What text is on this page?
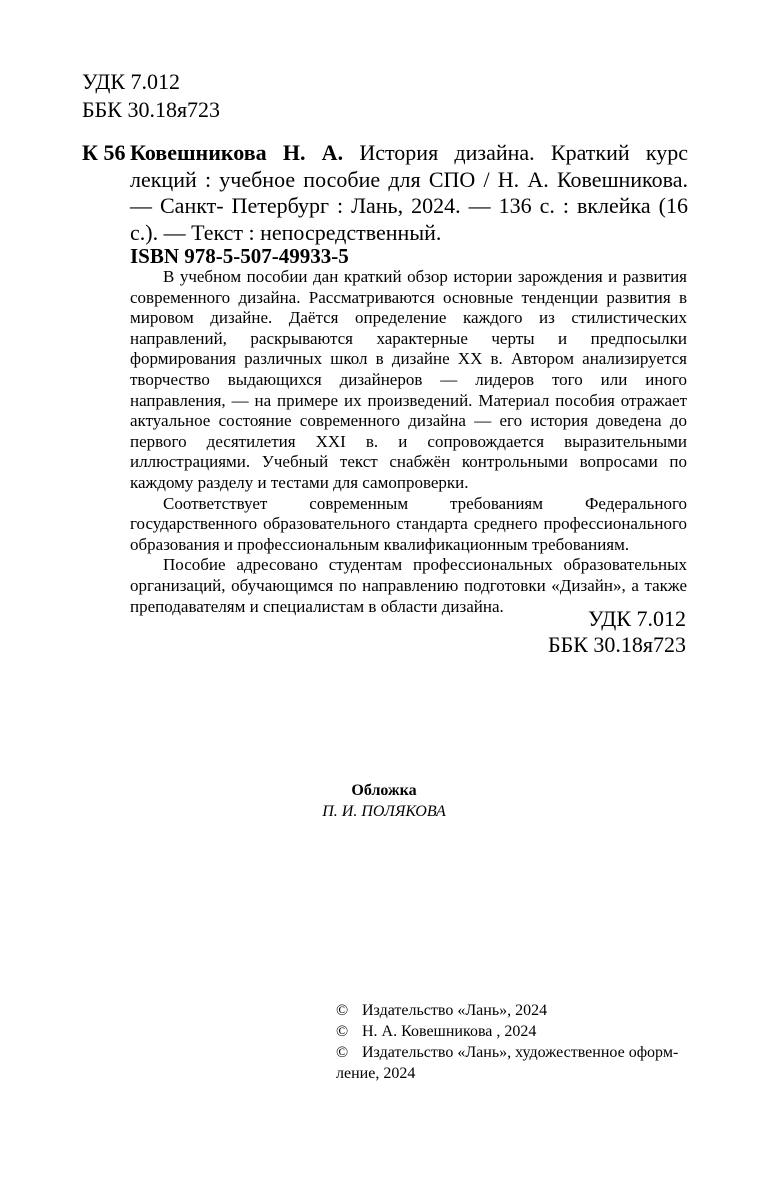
УДК 7.012
ББК 30.18я723
К 56 Ковешникова Н. А. История дизайна. Краткий курс лекций : учебное пособие для СПО / Н. А. Ковешникова. — Санкт- Петербург : Лань, 2024. — 136 с. : вклейка (16 с.). — Текст : непосредственный.
ISBN 978-5-507-49933-5

В учебном пособии дан краткий обзор истории зарождения и развития современного дизайна. Рассматриваются основные тенденции развития в мировом дизайне. Даётся определение каждого из стилистических направлений, раскрываются характерные черты и предпосылки формирования различных школ в дизайне XX в. Автором анализируется творчество выдающихся дизайнеров — лидеров того или иного направления, — на примере их произведений. Материал пособия отражает актуальное состояние современного дизайна — его история доведена до первого десятилетия XXI в. и сопровождается выразительными иллюстрациями. Учебный текст снабжён контрольными вопросами по каждому разделу и тестами для самопроверки.

Соответствует современным требованиям Федерального государственного образовательного стандарта среднего профессионального образования и профессиональным квалификационным требованиям.

Пособие адресовано студентам профессиональных образовательных организаций, обучающимся по направлению подготовки «Дизайн», а также преподавателям и специалистам в области дизайна.	УДК 7.012
ББК 30.18я723
Обложка
П. И. ПОЛЯКОВА
© Издательство «Лань», 2024
© Н. А. Ковешникова , 2024
© Издательство «Лань», художественное оформ-
ление, 2024
